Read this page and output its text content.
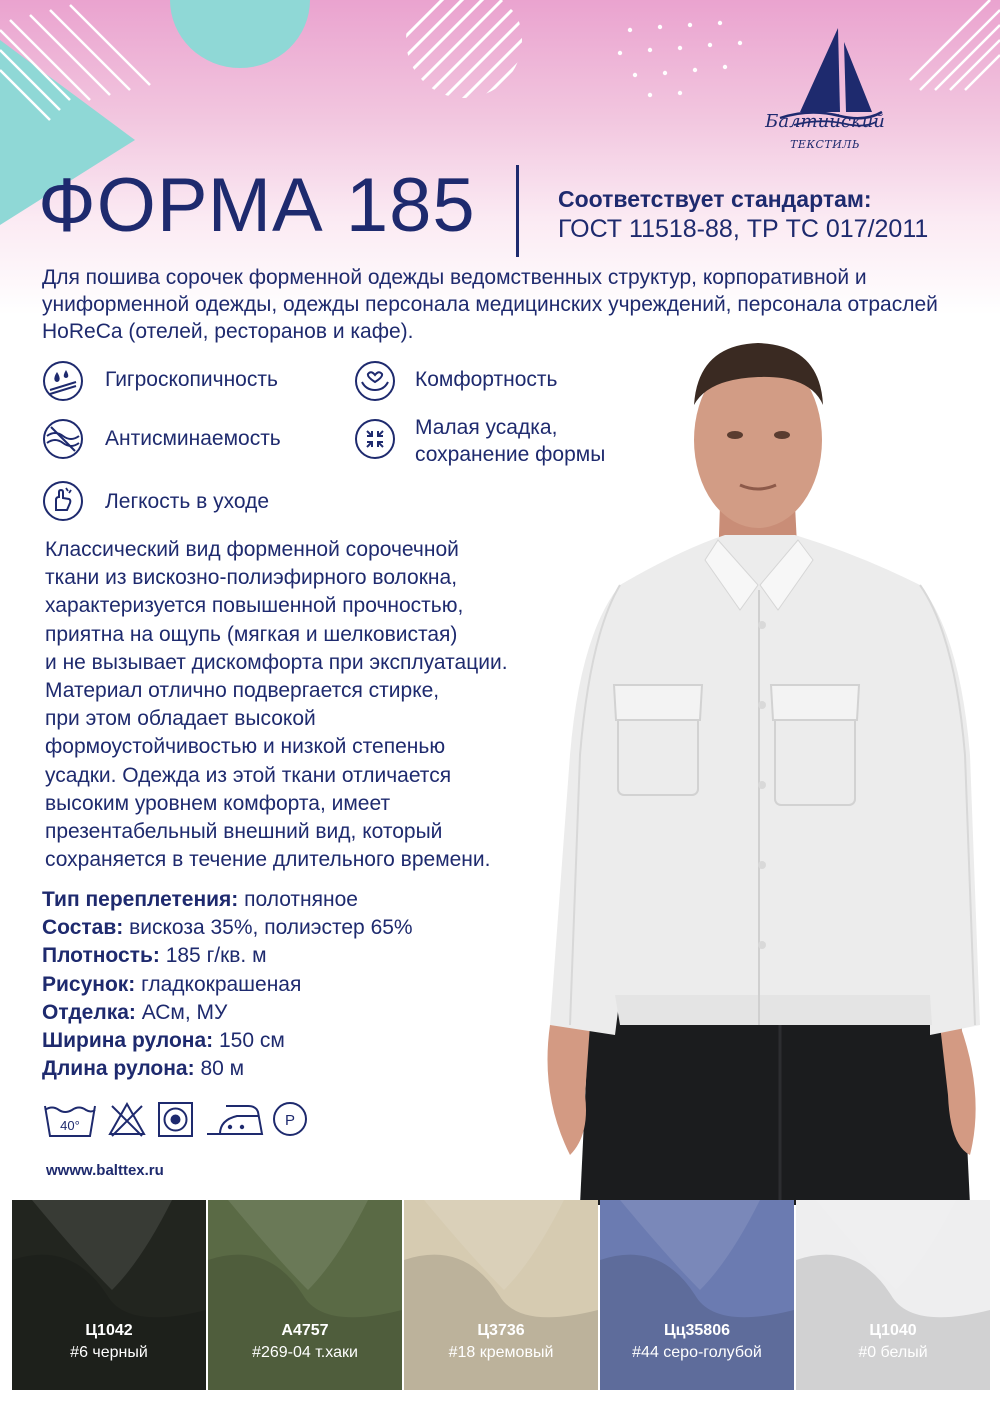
Балтийский
ТЕКСТИЛЬ
ФОРМА 185	Соответствует стандартам:
ГОСТ 11518-88, ТР ТС 017/2011
Для пошива сорочек форменной одежды ведомственных структур, корпоративной и униформенной одежды, одежды персонала медицинских учреждений, персонала отраслей HoReCa (отелей, ресторанов и кафе).
Гигроскопичность	Комфортность
Антисминаемость	Малая усадка,
сохранение формы
Легкость в уходе
Классический вид форменной сорочечной
ткани из вискозно-полиэфирного волокна,
характеризуется повышенной прочностью,
приятна на ощупь (мягкая и шелковистая)
и не вызывает дискомфорта при эксплуатации.
Материал отлично подвергается стирке,
при этом обладает высокой
формоустойчивостью и низкой степенью
усадки. Одежда из этой ткани отличается
высоким уровнем комфорта, имеет
презентабельный внешний вид, который
сохраняется в течение длительного времени.
Тип переплетения: полотняное
Состав: вискоза 35%, полиэстер 65%
Плотность: 185 г/кв. м
Рисунок: гладкокрашеная
Отделка: АСм, МУ
Ширина рулона: 150 см
Длина рулона: 80 м
40°	P
wwww.balttex.ru
Ц1042
#6 черный
А4757
#269-04 т.хаки
Ц3736
#18 кремовый
Цц35806
#44 серо-голубой
Ц1040
#0 белый
